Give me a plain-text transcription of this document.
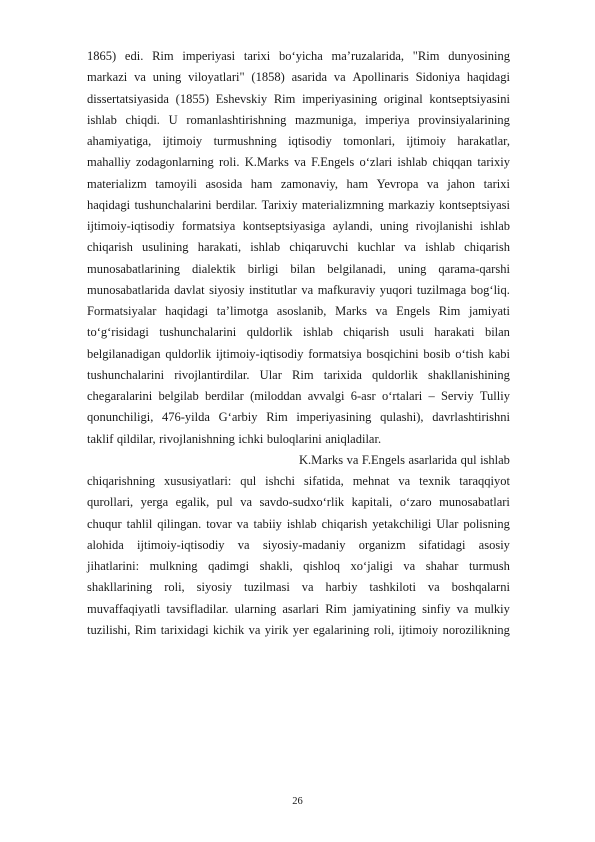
1865) edi. Rim imperiyasi tarixi bo‘yicha ma’ruzalarida, "Rim dunyosining
markazi va uning viloyatlari" (1858) asarida va Apollinaris Sidoniya haqidagi
dissertatsiyasida (1855) Eshevskiy Rim imperiyasining original kontseptsiyasini
ishlab chiqdi. U romanlashtirishning mazmuniga, imperiya provinsiyalarining
ahamiyatiga, ijtimoiy turmushning iqtisodiy tomonlari, ijtimoiy harakatlar,
mahalliy zodagonlarning roli. K.Marks va F.Engels o‘zlari ishlab chiqqan tarixiy
materializm tamoyili asosida ham zamonaviy, ham Yevropa va jahon tarixi
haqidagi tushunchalarini berdilar. Tarixiy materializmning markaziy kontseptsiyasi
ijtimoiy-iqtisodiy formatsiya kontseptsiyasiga aylandi, uning rivojlanishi ishlab
chiqarish usulining harakati, ishlab chiqaruvchi kuchlar va ishlab chiqarish
munosabatlarining dialektik birligi bilan belgilanadi, uning qarama-qarshi
munosabatlarida davlat siyosiy institutlar va mafkuraviy yuqori tuzilmaga bog‘liq.
Formatsiyalar haqidagi ta’limotga asoslanib, Marks va Engels Rim jamiyati
to‘g‘risidagi tushunchalarini quldorlik ishlab chiqarish usuli harakati bilan
belgilanadigan quldorlik ijtimoiy-iqtisodiy formatsiya bosqichini bosib o‘tish kabi
tushunchalarini rivojlantirdilar. Ular Rim tarixida quldorlik shakllanishining
chegaralarini belgilab berdilar (miloddan avvalgi 6-asr o‘rtalari – Serviy Tulliy
qonunchiligi, 476-yilda G‘arbiy Rim imperiyasining qulashi), davrlashtirishni
taklif qildilar, rivojlanishning ichki buloqlarini aniqladilar.
K.Marks va F.Engels asarlarida qul ishlab
chiqarishning xususiyatlari: qul ishchi sifatida, mehnat va texnik taraqqiyot
qurollari, yerga egalik, pul va savdo-sudxo‘rlik kapitali, o‘zaro munosabatlari
chuqur tahlil qilingan. tovar va tabiiy ishlab chiqarish yetakchiligi Ular polisning
alohida ijtimoiy-iqtisodiy va siyosiy-madaniy organizm sifatidagi asosiy
jihatlarini: mulkning qadimgi shakli, qishloq xo‘jaligi va shahar turmush
shakllarining roli, siyosiy tuzilmasi va harbiy tashkiloti va boshqalarni
muvaffaqiyatli tavsifladilar. ularning asarlari Rim jamiyatining sinfiy va mulkiy
tuzilishi, Rim tarixidagi kichik va yirik yer egalarining roli, ijtimoiy norozilikning
26
